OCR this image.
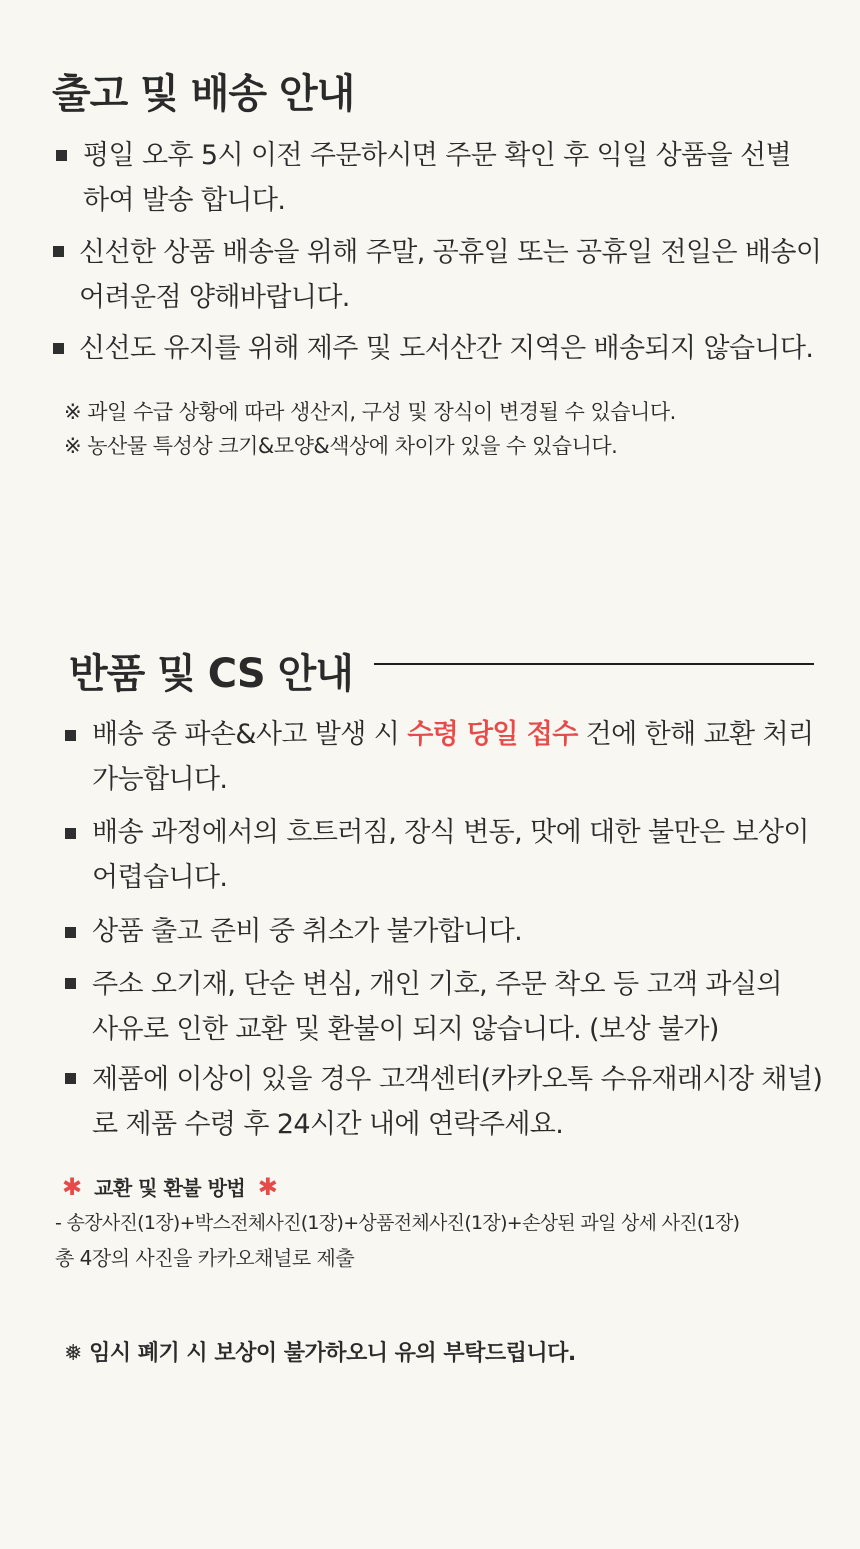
출고 및 배송 안내
평일 오후 5시 이전 주문하시면 주문 확인 후 익일 상품을 선별
하여 발송 합니다.
신선한 상품 배송을 위해 주말, 공휴일 또는 공휴일 전일은 배송이
어려운점 양해바랍니다.
신선도 유지를 위해 제주 및 도서산간 지역은 배송되지 않습니다.
※ 과일 수급 상황에 따라 생산지, 구성 및 장식이 변경될 수 있습니다.
※ 농산물 특성상 크기&모양&색상에 차이가 있을 수 있습니다.
반품 및 CS 안내
배송 중 파손&사고 발생 시 수령 당일 접수 건에 한해 교환 처리
가능합니다.
배송 과정에서의 흐트러짐, 장식 변동, 맛에 대한 불만은 보상이
어렵습니다.
상품 출고 준비 중 취소가 불가합니다.
주소 오기재, 단순 변심, 개인 기호, 주문 착오 등 고객 과실의
사유로 인한 교환 및 환불이 되지 않습니다. (보상 불가)
제품에 이상이 있을 경우 고객센터(카카오톡 수유재래시장 채널)
로 제품 수령 후 24시간 내에 연락주세요.
✱ 교환 및 환불 방법 ✱
- 송장사진(1장)+박스전체사진(1장)+상품전체사진(1장)+손상된 과일 상세 사진(1장)
총 4장의 사진을 카카오채널로 제출
❅ 임시 폐기 시 보상이 불가하오니 유의 부탁드립니다.
